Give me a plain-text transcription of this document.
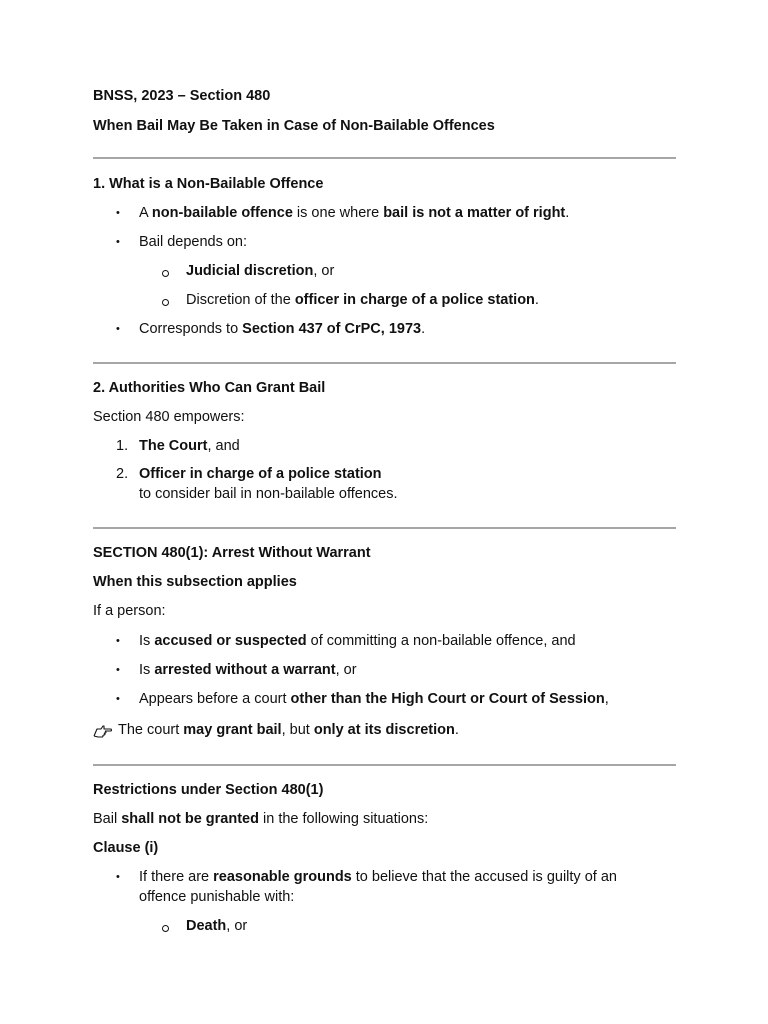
BNSS, 2023 – Section 480
When Bail May Be Taken in Case of Non-Bailable Offences
1. What is a Non-Bailable Offence
• A non-bailable offence is one where bail is not a matter of right.
• Bail depends on:
Judicial discretion, or
Discretion of the officer in charge of a police station.
• Corresponds to Section 437 of CrPC, 1973.
2. Authorities Who Can Grant Bail
Section 480 empowers:
1. The Court, and
2. Officer in charge of a police station
to consider bail in non-bailable offences.
SECTION 480(1): Arrest Without Warrant
When this subsection applies
If a person:
• Is accused or suspected of committing a non-bailable offence, and
• Is arrested without a warrant, or
• Appears before a court other than the High Court or Court of Session,
The court may grant bail, but only at its discretion.
Restrictions under Section 480(1)
Bail shall not be granted in the following situations:
Clause (i)
• If there are reasonable grounds to believe that the accused is guilty of an
offence punishable with:
Death, or
